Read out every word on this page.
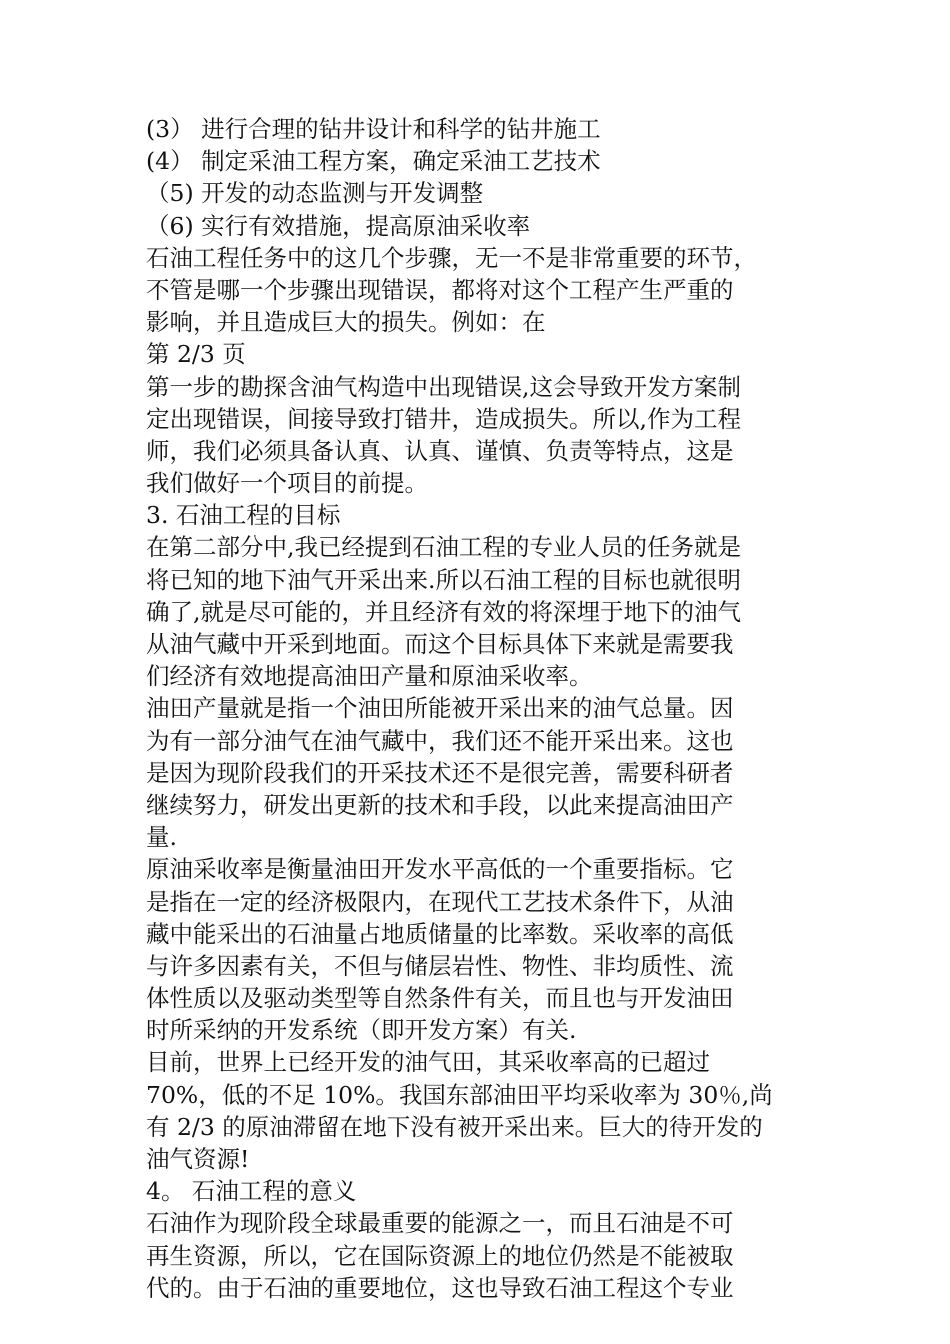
(3） 进行合理的钻井设计和科学的钻井施工
(4） 制定采油工程方案，确定采油工艺技术
（5) 开发的动态监测与开发调整
（6) 实行有效措施，提高原油采收率
石油工程任务中的这几个步骤，无一不是非常重要的环节，
不管是哪一个步骤出现错误，都将对这个工程产生严重的
影响，并且造成巨大的损失。例如：在
第 2/3 页
第一步的勘探含油气构造中出现错误,这会导致开发方案制
定出现错误，间接导致打错井，造成损失。所以,作为工程
师，我们必须具备认真、认真、谨慎、负责等特点，这是
我们做好一个项目的前提。
3. 石油工程的目标
在第二部分中,我已经提到石油工程的专业人员的任务就是
将已知的地下油气开采出来.所以石油工程的目标也就很明
确了,就是尽可能的，并且经济有效的将深埋于地下的油气
从油气藏中开采到地面。而这个目标具体下来就是需要我
们经济有效地提高油田产量和原油采收率。
油田产量就是指一个油田所能被开采出来的油气总量。因
为有一部分油气在油气藏中，我们还不能开采出来。这也
是因为现阶段我们的开采技术还不是很完善，需要科研者
继续努力，研发出更新的技术和手段，以此来提高油田产
量.
原油采收率是衡量油田开发水平高低的一个重要指标。它
是指在一定的经济极限内，在现代工艺技术条件下，从油
藏中能采出的石油量占地质储量的比率数。采收率的高低
与许多因素有关，不但与储层岩性、物性、非均质性、流
体性质以及驱动类型等自然条件有关，而且也与开发油田
时所采纳的开发系统（即开发方案）有关.
目前，世界上已经开发的油气田，其采收率高的已超过
70%，低的不足 10%。我国东部油田平均采收率为 30％,尚
有 2/3 的原油滞留在地下没有被开采出来。巨大的待开发的
油气资源!
4。 石油工程的意义
石油作为现阶段全球最重要的能源之一，而且石油是不可
再生资源，所以，它在国际资源上的地位仍然是不能被取
代的。由于石油的重要地位，这也导致石油工程这个专业
